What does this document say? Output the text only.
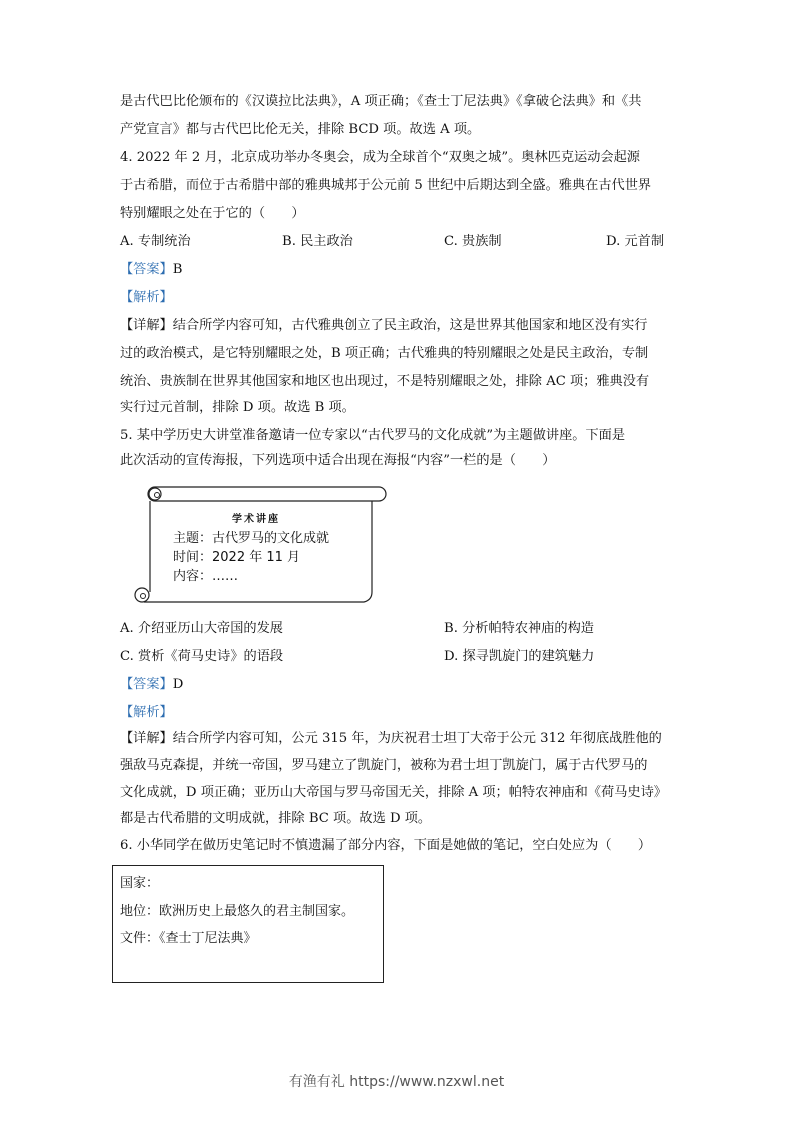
是古代巴比伦颁布的《汉谟拉比法典》，A 项正确；《查士丁尼法典》《拿破仑法典》和《共
产党宣言》都与古代巴比伦无关，排除 BCD 项。故选 A 项。
4. 2022 年 2 月，北京成功举办冬奥会，成为全球首个“双奥之城”。奥林匹克运动会起源
于古希腊，而位于古希腊中部的雅典城邦于公元前 5 世纪中后期达到全盛。雅典在古代世界
特别耀眼之处在于它的（　　）
A. 专制统治	B. 民主政治	C. 贵族制	D. 元首制
【答案】B
【解析】
【详解】结合所学内容可知，古代雅典创立了民主政治，这是世界其他国家和地区没有实行
过的政治模式，是它特别耀眼之处，B 项正确；古代雅典的特别耀眼之处是民主政治，专制
统治、贵族制在世界其他国家和地区也出现过，不是特别耀眼之处，排除 AC 项；雅典没有
实行过元首制，排除 D 项。故选 B 项。
5. 某中学历史大讲堂准备邀请一位专家以“古代罗马的文化成就”为主题做讲座。下面是
此次活动的宣传海报，下列选项中适合出现在海报“内容”一栏的是（　　）
学术讲座
主题：古代罗马的文化成就
时间：2022 年 11 月
内容：……
A. 介绍亚历山大帝国的发展	B. 分析帕特农神庙的构造
C. 赏析《荷马史诗》的语段	D. 探寻凯旋门的建筑魅力
【答案】D
【解析】
【详解】结合所学内容可知，公元 315 年，为庆祝君士坦丁大帝于公元 312 年彻底战胜他的
强敌马克森提，并统一帝国，罗马建立了凯旋门，被称为君士坦丁凯旋门，属于古代罗马的
文化成就，D 项正确；亚历山大帝国与罗马帝国无关，排除 A 项；帕特农神庙和《荷马史诗》
都是古代希腊的文明成就，排除 BC 项。故选 D 项。
6. 小华同学在做历史笔记时不慎遗漏了部分内容，下面是她做的笔记，空白处应为（　　）
国家：
地位：欧洲历史上最悠久的君主制国家。
文件：《查士丁尼法典》
有渔有礼 https://www.nzxwl.net
